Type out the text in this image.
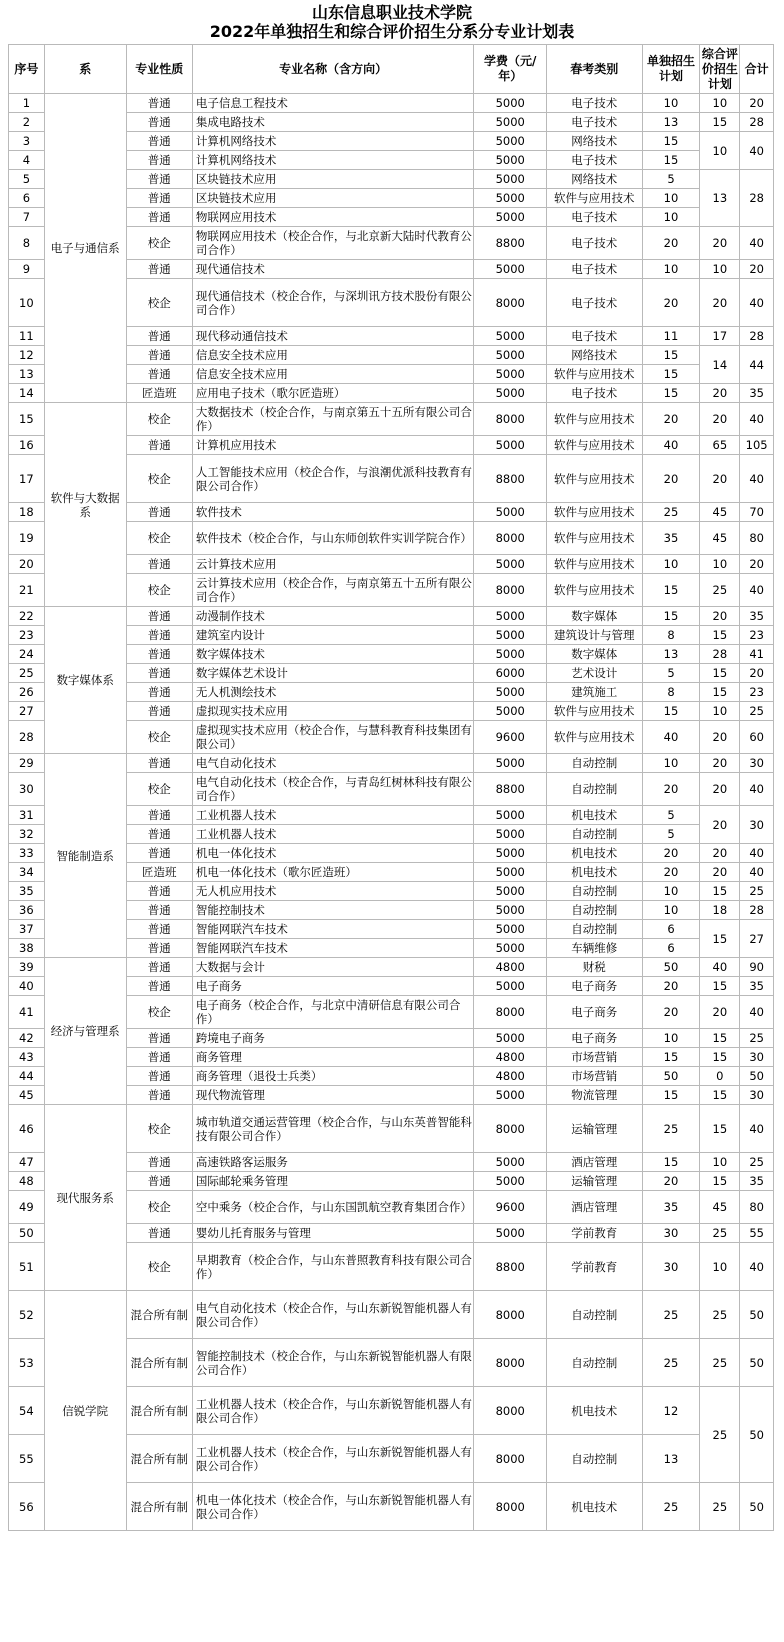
山东信息职业技术学院
2022年单独招生和综合评价招生分系分专业计划表
序号	系	专业性质	专业名称（含方向）	学费（元/年）	春考类别	单独招生计划	综合评价招生计划	合计
1	电子与通信系	普通	电子信息工程技术	5000	电子技术	10	10	20
2		普通	集成电路技术	5000	电子技术	13	15	28
3		普通	计算机网络技术	5000	网络技术	15	10	40
4		普通	计算机网络技术	5000	电子技术	15		
5		普通	区块链技术应用	5000	网络技术	5	13	28
6		普通	区块链技术应用	5000	软件与应用技术	10		
7		普通	物联网应用技术	5000	电子技术	10		
8		校企	物联网应用技术（校企合作，与北京新大陆时代教育公司合作）	8800	电子技术	20	20	40
9		普通	现代通信技术	5000	电子技术	10	10	20
10		校企	现代通信技术（校企合作，与深圳讯方技术股份有限公司合作）	8000	电子技术	20	20	40
11		普通	现代移动通信技术	5000	电子技术	11	17	28
12		普通	信息安全技术应用	5000	网络技术	15	14	44
13		普通	信息安全技术应用	5000	软件与应用技术	15		
14		匠造班	应用电子技术（歌尔匠造班）	5000	电子技术	15	20	35
15	软件与大数据系	校企	大数据技术（校企合作，与南京第五十五所有限公司合作）	8000	软件与应用技术	20	20	40
16		普通	计算机应用技术	5000	软件与应用技术	40	65	105
17		校企	人工智能技术应用（校企合作，与浪潮优派科技教育有限公司合作）	8800	软件与应用技术	20	20	40
18		普通	软件技术	5000	软件与应用技术	25	45	70
19		校企	软件技术（校企合作，与山东师创软件实训学院合作）	8000	软件与应用技术	35	45	80
20		普通	云计算技术应用	5000	软件与应用技术	10	10	20
21		校企	云计算技术应用（校企合作，与南京第五十五所有限公司合作）	8000	软件与应用技术	15	25	40
22	数字媒体系	普通	动漫制作技术	5000	数字媒体	15	20	35
23		普通	建筑室内设计	5000	建筑设计与管理	8	15	23
24		普通	数字媒体技术	5000	数字媒体	13	28	41
25		普通	数字媒体艺术设计	6000	艺术设计	5	15	20
26		普通	无人机测绘技术	5000	建筑施工	8	15	23
27		普通	虚拟现实技术应用	5000	软件与应用技术	15	10	25
28		校企	虚拟现实技术应用（校企合作，与慧科教育科技集团有限公司）	9600	软件与应用技术	40	20	60
29	智能制造系	普通	电气自动化技术	5000	自动控制	10	20	30
30		校企	电气自动化技术（校企合作，与青岛红树林科技有限公司合作）	8800	自动控制	20	20	40
31		普通	工业机器人技术	5000	机电技术	5	20	30
32		普通	工业机器人技术	5000	自动控制	5		
33		普通	机电一体化技术	5000	机电技术	20	20	40
34		匠造班	机电一体化技术（歌尔匠造班）	5000	机电技术	20	20	40
35		普通	无人机应用技术	5000	自动控制	10	15	25
36		普通	智能控制技术	5000	自动控制	10	18	28
37		普通	智能网联汽车技术	5000	自动控制	6	15	27
38		普通	智能网联汽车技术	5000	车辆维修	6		
39	经济与管理系	普通	大数据与会计	4800	财税	50	40	90
40		普通	电子商务	5000	电子商务	20	15	35
41		校企	电子商务（校企合作，与北京中清研信息有限公司合作）	8000	电子商务	20	20	40
42		普通	跨境电子商务	5000	电子商务	10	15	25
43		普通	商务管理	4800	市场营销	15	15	30
44		普通	商务管理（退役士兵类）	4800	市场营销	50	0	50
45		普通	现代物流管理	5000	物流管理	15	15	30
46	现代服务系	校企	城市轨道交通运营管理（校企合作，与山东英普智能科技有限公司合作）	8000	运输管理	25	15	40
47		普通	高速铁路客运服务	5000	酒店管理	15	10	25
48		普通	国际邮轮乘务管理	5000	运输管理	20	15	35
49		校企	空中乘务（校企合作，与山东国凯航空教育集团合作）	9600	酒店管理	35	45	80
50		普通	婴幼儿托育服务与管理	5000	学前教育	30	25	55
51		校企	早期教育（校企合作，与山东普照教育科技有限公司合作）	8800	学前教育	30	10	40
52	信锐学院	混合所有制	电气自动化技术（校企合作，与山东新锐智能机器人有限公司合作）	8000	自动控制	25	25	50
53		混合所有制	智能控制技术（校企合作，与山东新锐智能机器人有限公司合作）	8000	自动控制	25	25	50
54		混合所有制	工业机器人技术（校企合作，与山东新锐智能机器人有限公司合作）	8000	机电技术	12	25	50
55		混合所有制	工业机器人技术（校企合作，与山东新锐智能机器人有限公司合作）	8000	自动控制	13		
56		混合所有制	机电一体化技术（校企合作，与山东新锐智能机器人有限公司合作）	8000	机电技术	25	25	50
